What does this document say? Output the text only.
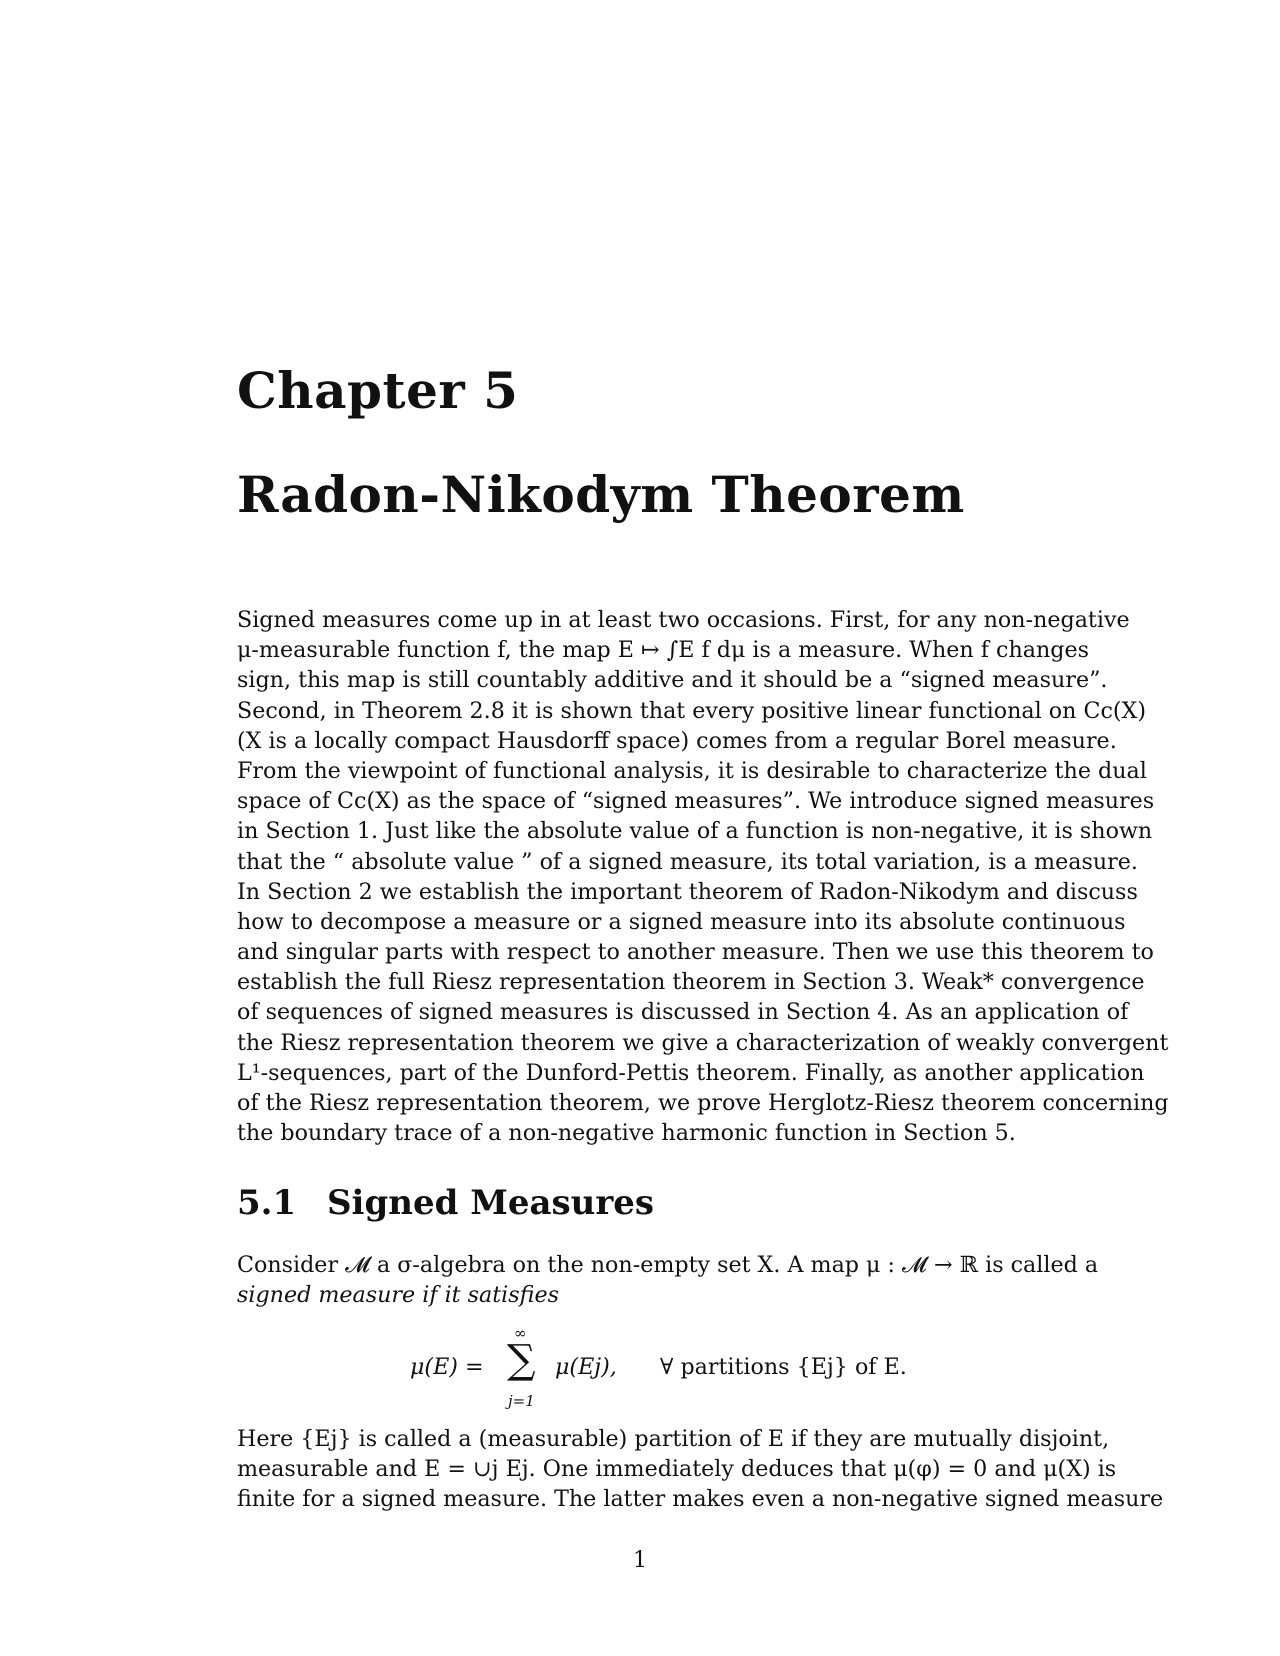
Chapter 5
Radon-Nikodym Theorem
Signed measures come up in at least two occasions. First, for any non-negative
μ-measurable function f, the map E ↦ ∫E f dμ is a measure. When f changes
sign, this map is still countably additive and it should be a “signed measure”.
Second, in Theorem 2.8 it is shown that every positive linear functional on Cc(X)
(X is a locally compact Hausdorff space) comes from a regular Borel measure.
From the viewpoint of functional analysis, it is desirable to characterize the dual
space of Cc(X) as the space of “signed measures”. We introduce signed measures
in Section 1. Just like the absolute value of a function is non-negative, it is shown
that the “ absolute value ” of a signed measure, its total variation, is a measure.
In Section 2 we establish the important theorem of Radon-Nikodym and discuss
how to decompose a measure or a signed measure into its absolute continuous
and singular parts with respect to another measure. Then we use this theorem to
establish the full Riesz representation theorem in Section 3. Weak* convergence
of sequences of signed measures is discussed in Section 4. As an application of
the Riesz representation theorem we give a characterization of weakly convergent
L¹-sequences, part of the Dunford-Pettis theorem. Finally, as another application
of the Riesz representation theorem, we prove Herglotz-Riesz theorem concerning
the boundary trace of a non-negative harmonic function in Section 5.
5.1 Signed Measures
Consider 𝓜 a σ-algebra on the non-empty set X. A map μ : 𝓜 → ℝ is called a
signed measure if it satisfies
μ(E) =
∞
∑
j=1
μ(Ej), ∀ partitions {Ej} of E.
Here {Ej} is called a (measurable) partition of E if they are mutually disjoint,
measurable and E = ∪j Ej. One immediately deduces that μ(φ) = 0 and μ(X) is
finite for a signed measure. The latter makes even a non-negative signed measure
1
